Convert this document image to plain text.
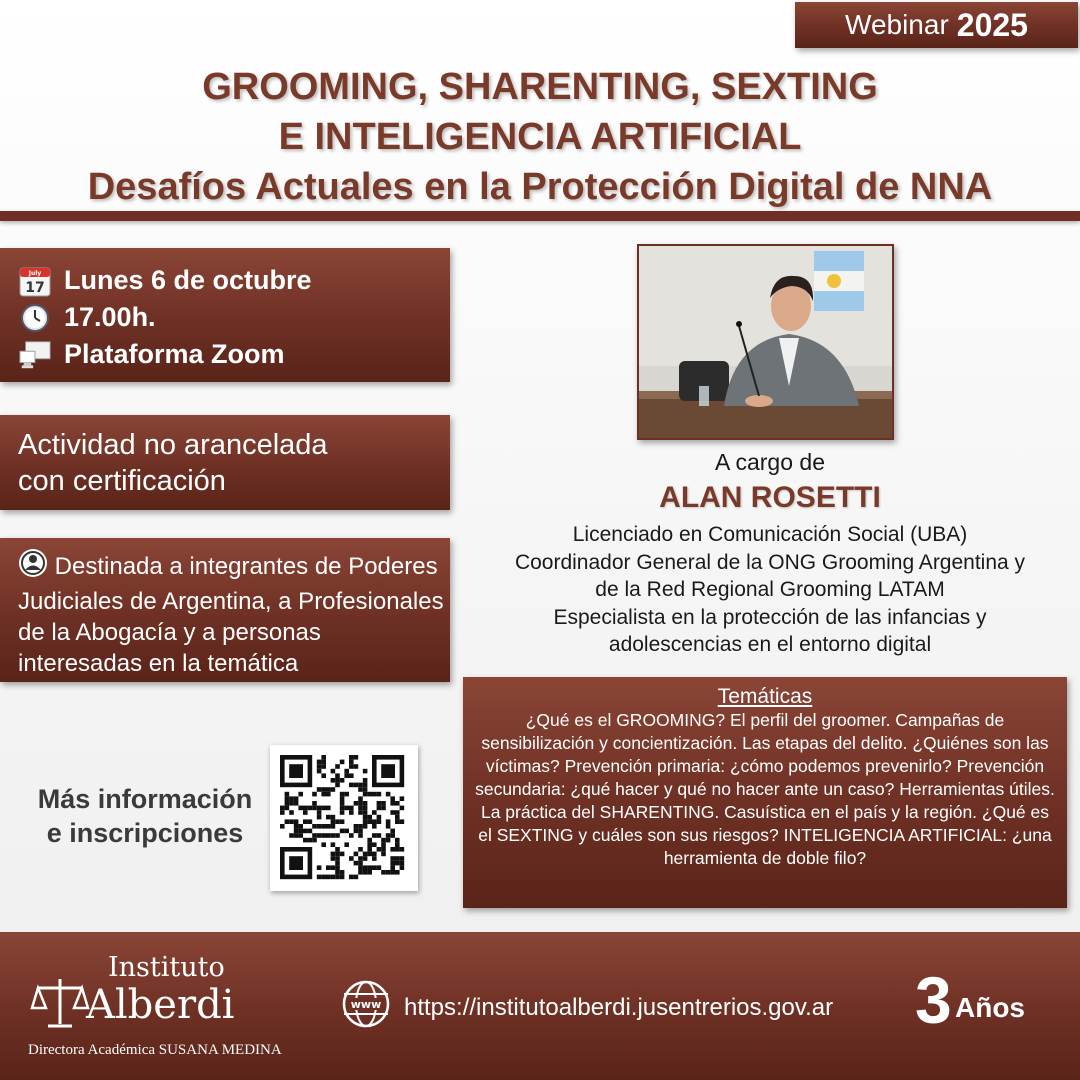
Webinar 2025
GROOMING, SHARENTING, SEXTING
E INTELIGENCIA ARTIFICIAL
Desafíos Actuales en la Protección Digital de NNA
July
17 Lunes 6 de octubre
17.00h.
Plataforma Zoom
Actividad no arancelada
con certificación
Destinada a integrantes de Poderes Judiciales de Argentina, a Profesionales de la Abogacía y a personas interesadas en la temática
Más información
e inscripciones
A cargo de
ALAN ROSETTI
Licenciado en Comunicación Social (UBA)
Coordinador General de la ONG Grooming Argentina y
de la Red Regional Grooming LATAM
Especialista en la protección de las infancias y
adolescencias en el entorno digital
Temáticas
¿Qué es el GROOMING? El perfil del groomer. Campañas de sensibilización y concientización. Las etapas del delito. ¿Quiénes son las víctimas? Prevención primaria: ¿cómo podemos prevenirlo? Prevención secundaria: ¿qué hacer y qué no hacer ante un caso? Herramientas útiles. La práctica del SHARENTING. Casuística en el país y la región. ¿Qué es el SEXTING y cuáles son sus riesgos? INTELIGENCIA ARTIFICIAL: ¿una herramienta de doble filo?
Instituto
Alberdi
Directora Académica SUSANA MEDINA
www https://institutoalberdi.jusentrerios.gov.ar 3 Años
